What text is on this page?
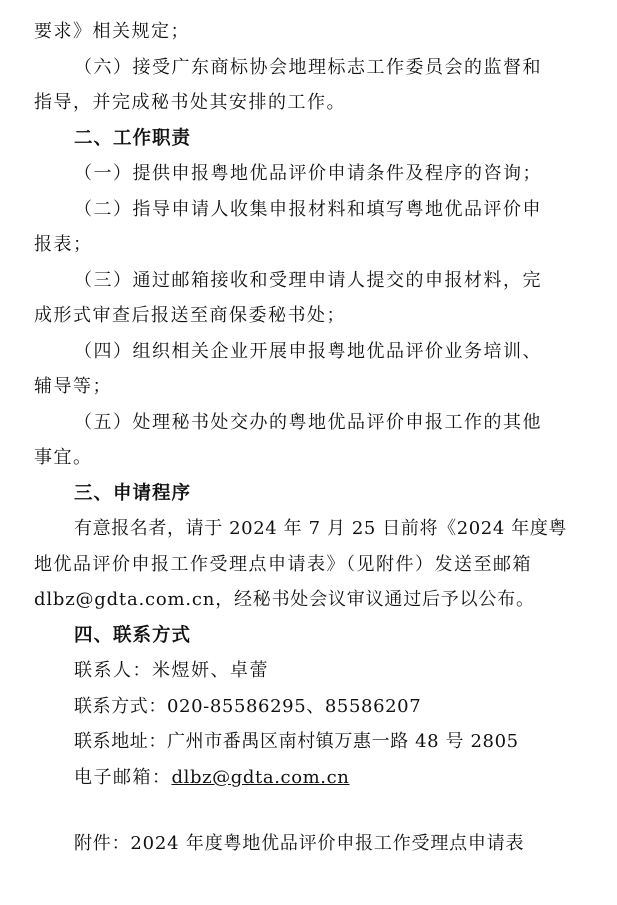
要求》相关规定；
（六）接受广东商标协会地理标志工作委员会的监督和
指导，并完成秘书处其安排的工作。
二、工作职责
（一）提供申报粤地优品评价申请条件及程序的咨询；
（二）指导申请人收集申报材料和填写粤地优品评价申
报表；
（三）通过邮箱接收和受理申请人提交的申报材料，完
成形式审查后报送至商保委秘书处；
（四）组织相关企业开展申报粤地优品评价业务培训、
辅导等；
（五）处理秘书处交办的粤地优品评价申报工作的其他
事宜。
三、申请程序
有意报名者，请于 2024 年 7 月 25 日前将《2024 年度粤
地优品评价申报工作受理点申请表》（见附件）发送至邮箱
dlbz@gdta.com.cn，经秘书处会议审议通过后予以公布。
四、联系方式
联系人：米煜妍、卓蕾
联系方式：020-85586295、85586207
联系地址：广州市番禺区南村镇万惠一路 48 号 2805
电子邮箱：dlbz@gdta.com.cn
附件：2024 年度粤地优品评价申报工作受理点申请表
